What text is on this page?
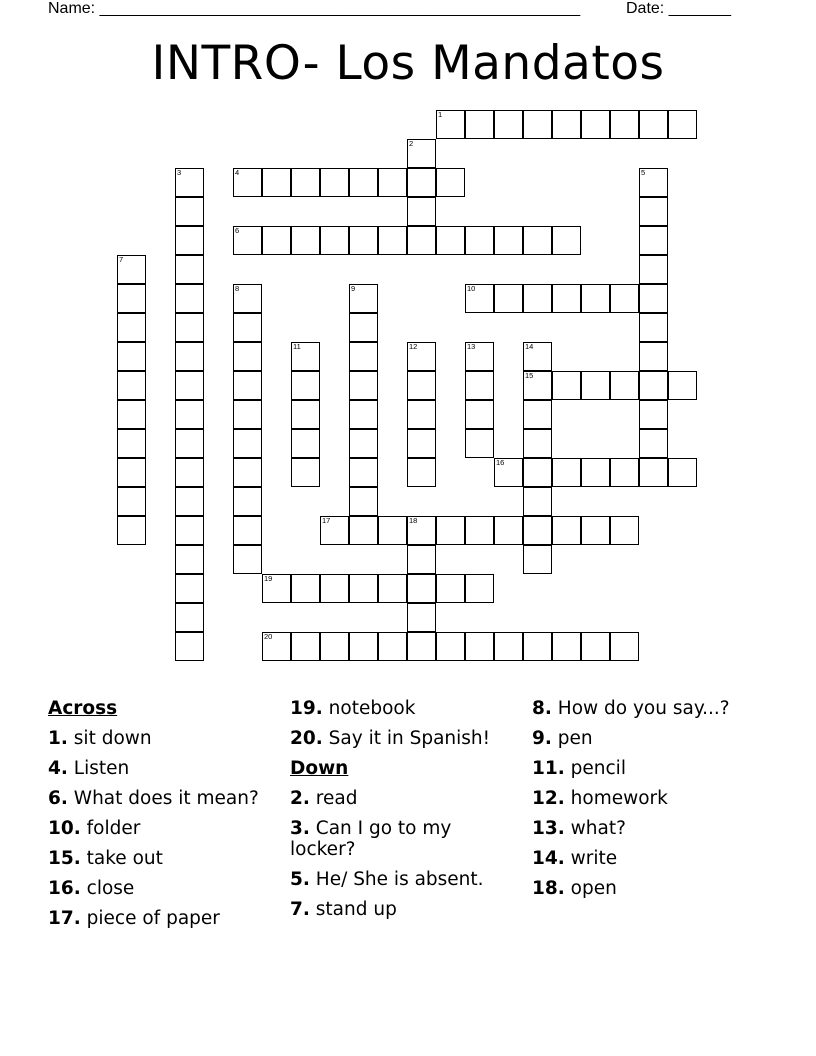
Name: ______________________________________________________	Date: _______
INTRO- Los Mandatos
1
2
3	4	5
6
7
8	9	10
11	12	13	14
15
16
17	18
19
20
Across
1. sit down
4. Listen
6. What does it mean?
10. folder
15. take out
16. close
17. piece of paper
19. notebook
20. Say it in Spanish!
Down
2. read
3. Can I go to my locker?
5. He/ She is absent.
7. stand up
8. How do you say...?
9. pen
11. pencil
12. homework
13. what?
14. write
18. open
